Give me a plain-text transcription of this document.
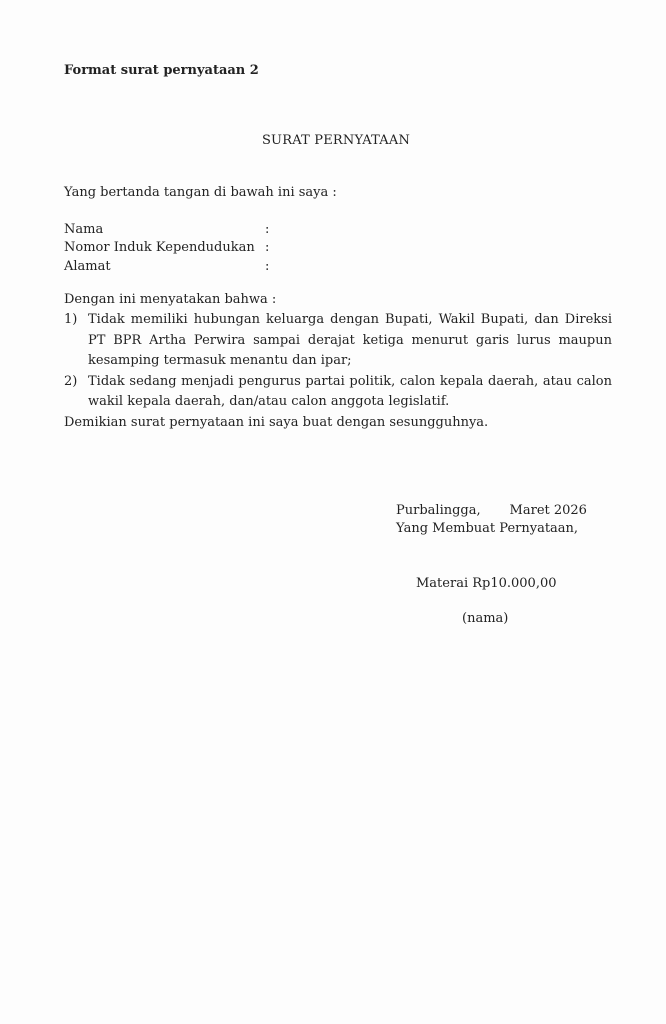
Format surat pernyataan 2
SURAT PERNYATAAN
Yang bertanda tangan di bawah ini saya :
Nama	:
Nomor Induk Kependudukan :
Alamat	:
Dengan ini menyatakan bahwa :
1) Tidak memiliki hubungan keluarga dengan Bupati, Wakil Bupati, dan Direksi PT BPR Artha Perwira sampai derajat ketiga menurut garis lurus maupun kesamping termasuk menantu dan ipar;
2) Tidak sedang menjadi pengurus partai politik, calon kepala daerah, atau calon wakil kepala daerah, dan/atau calon anggota legislatif.
Demikian surat pernyataan ini saya buat dengan sesungguhnya.
Purbalingga,       Maret 2026
Yang Membuat Pernyataan,
Materai Rp10.000,00
(nama)
